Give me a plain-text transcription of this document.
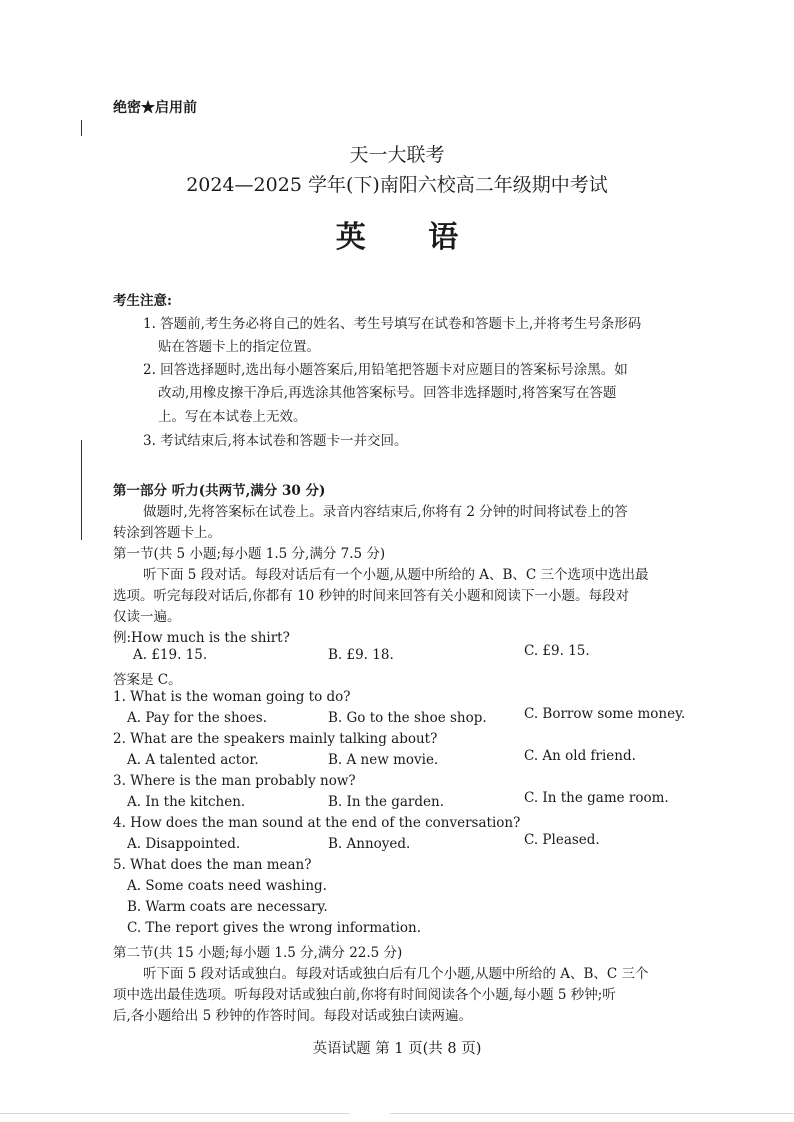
绝密★启用前
天一大联考
2024—2025 学年(下)南阳六校高二年级期中考试
英 语
考生注意:
1. 答题前,考生务必将自己的姓名、考生号填写在试卷和答题卡上,并将考生号条形码
贴在答题卡上的指定位置。
2. 回答选择题时,选出每小题答案后,用铅笔把答题卡对应题目的答案标号涂黑。如
改动,用橡皮擦干净后,再选涂其他答案标号。回答非选择题时,将答案写在答题
上。写在本试卷上无效。
3. 考试结束后,将本试卷和答题卡一并交回。
第一部分 听力(共两节,满分 30 分)
做题时,先将答案标在试卷上。录音内容结束后,你将有 2 分钟的时间将试卷上的答
转涂到答题卡上。
第一节(共 5 小题;每小题 1.5 分,满分 7.5 分)
听下面 5 段对话。每段对话后有一个小题,从题中所给的 A、B、C 三个选项中选出最
选项。听完每段对话后,你都有 10 秒钟的时间来回答有关小题和阅读下一小题。每段对
仅读一遍。
例:How much is the shirt?
A. £19. 15.	B. £9. 18.	C. £9. 15.
答案是 C。
1. What is the woman going to do?
A. Pay for the shoes.	B. Go to the shoe shop.	C. Borrow some money.
2. What are the speakers mainly talking about?
A. A talented actor.	B. A new movie.	C. An old friend.
3. Where is the man probably now?
A. In the kitchen.	B. In the garden.	C. In the game room.
4. How does the man sound at the end of the conversation?
A. Disappointed.	B. Annoyed.	C. Pleased.
5. What does the man mean?
A. Some coats need washing.
B. Warm coats are necessary.
C. The report gives the wrong information.
第二节(共 15 小题;每小题 1.5 分,满分 22.5 分)
听下面 5 段对话或独白。每段对话或独白后有几个小题,从题中所给的 A、B、C 三个
项中选出最佳选项。听每段对话或独白前,你将有时间阅读各个小题,每小题 5 秒钟;听
后,各小题给出 5 秒钟的作答时间。每段对话或独白读两遍。
英语试题 第 1 页(共 8 页)
